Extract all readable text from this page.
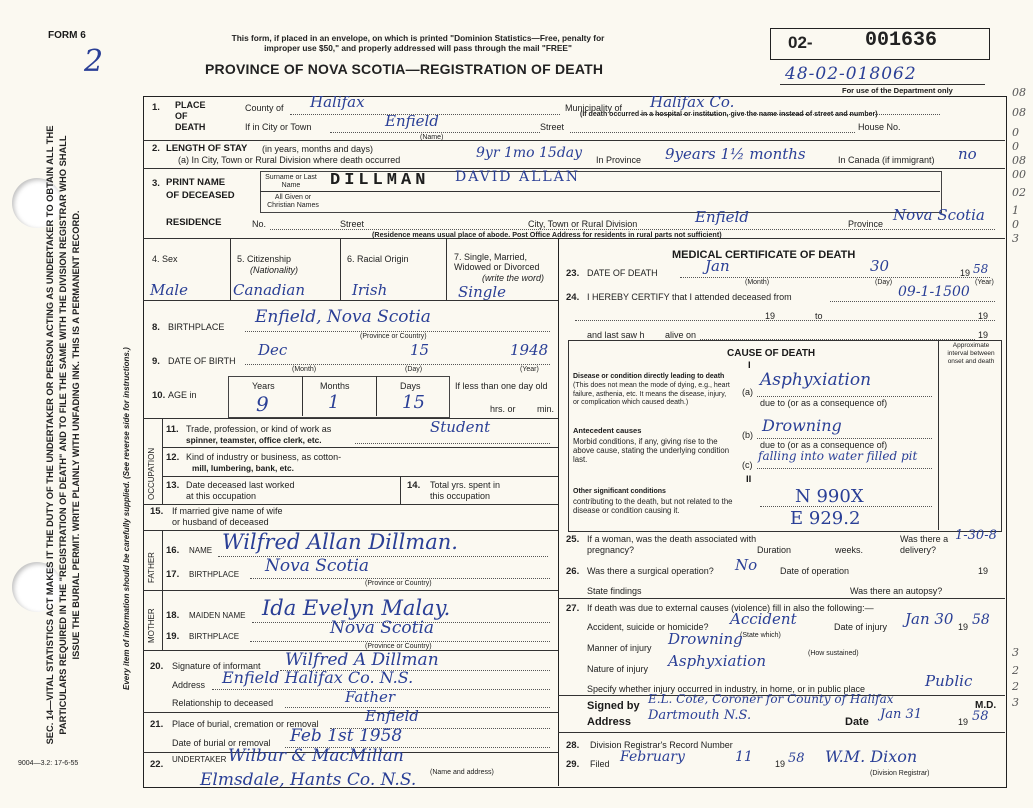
SEC. 14—VITAL STATISTICS ACT MAKES IT THE DUTY OF THE UNDERTAKER OR PERSON ACTING AS UNDERTAKER TO OBTAIN ALL THE PARTICULARS REQUIRED IN THE "REGISTRATION OF DEATH" AND TO FILE THE SAME WITH THE DIVISION REGISTRAR WHO SHALL ISSUE THE BURIAL PERMIT. WRITE PLAINLY WITH UNFADING INK. THIS IS A PERMANENT RECORD.	Every item of information should be carefully supplied. (See reverse side for instructions.)
9004—3.2: 17-6-55
FORM 6
2
This form, if placed in an envelope, on which is printed "Dominion Statistics—Free, penalty for improper use $50," and properly addressed will pass through the mail "FREE"
PROVINCE OF NOVA SCOTIA—REGISTRATION OF DEATH
02-	001636
48-02-018062
For use of the Department only
1. PLACE
OF
DEATH
County of Halifax	Municipality of Halifax Co.
If in City or Town	Enfield
(Name)
Street
(If death occurred in a hospital or institution, give the name instead of street and number)
House No.
2. LENGTH OF STAY (in years, months and days)
(a) In City, Town or Rural Division where death occurred	9yr 1mo 15day In Province 9years 1½ months	In Canada (if immigrant) no
3. PRINT NAME
OF DECEASED
Surname or Last Name	DILLMAN DAVID ALLAN
All Given or Christian Names
RESIDENCE	No.	Street	City, Town or Rural Division	Enfield	Province Nova Scotia
(Residence means usual place of abode. Post Office Address for residents in rural parts not sufficient)
4. Sex
Male
5. Citizenship
(Nationality)
Canadian
6. Racial Origin
Irish
7. Single, Married, Widowed or Divorced
(write the word)
Single
8. BIRTHPLACE Enfield, Nova Scotia
(Province or Country)
9. DATE OF BIRTH
Dec	15	1948
(Month)	(Day)	(Year)
10. AGE in
Years	Months	Days
9	1	15
If less than one day old
hrs. or min.
OCCUPATION
11. Trade, profession, or kind of work as
spinner, teamster, office clerk, etc.
Student
12. Kind of industry or business, as cotton-
mill, lumbering, bank, etc.
13. Date deceased last worked
at this occupation
14. Total yrs. spent in
this occupation
15. If married give name of wife
or husband of deceased
FATHER
MOTHER
16. NAME Wilfred Allan Dillman.
17. BIRTHPLACE Nova Scotia
(Province or Country)
18. MAIDEN NAME Ida Evelyn Malay.
19. BIRTHPLACE	Nova Scotia
(Province or Country)
20. Signature of informant Wilfred A Dillman
Address Enfield Halifax Co. N.S.
Relationship to deceased	Father
21. Place of burial, cremation or removal	Enfield
Date of burial or removal Feb 1st 1958
22. UNDERTAKER Wilbur & MacMillan
(Name and address)
Elmsdale, Hants Co. N.S.
MEDICAL CERTIFICATE OF DEATH
23. DATE OF DEATH	Jan	30	19 58
(Month)	(Day)	(Year)
24. I HEREBY CERTIFY that I attended deceased from	09-1-1500
19	to	19
and last saw h alive on	19
CAUSE OF DEATH
Approximate interval between onset and death
I
Disease or condition directly leading to death
(This does not mean the mode of dying, e.g., heart failure, asthenia, etc. It means the disease, injury, or complication which caused death.)
(a)
Asphyxiation
due to (or as a consequence of)
Antecedent causes
Morbid conditions, if any, giving rise to the above cause, stating the underlying condition last.
(b) Drowning
due to (or as a consequence of)
(c)
falling into water filled pit
II
Other significant conditions
contributing to the death, but not related to the disease or condition causing it.
N 990X
E 929.2
25. If a woman, was the death associated with pregnancy?	Duration	weeks.
Was there a delivery?
1-30-8
26. Was there a surgical operation? No	Date of operation	19
State findings	Was there an autopsy?
27. If death was due to external causes (violence) fill in also the following:—
Accident, suicide or homicide? Accident
(State which)
Date of injury Jan 30 19 58
Manner of injury Drowning
(How sustained)
Nature of injury Asphyxiation
Specify whether injury occurred in industry, in home, or in public place	Public
Signed by E.L. Cote, Coroner for County of Halifax	M.D.
Address Dartmouth N.S.	Date Jan 31	19 58
28. Division Registrar's Record Number
29. Filed February	11 19 58 W.M. Dixon
(Division Registrar)
08
08
0
0
08
00
02
1
0
3
3
2
2
3
